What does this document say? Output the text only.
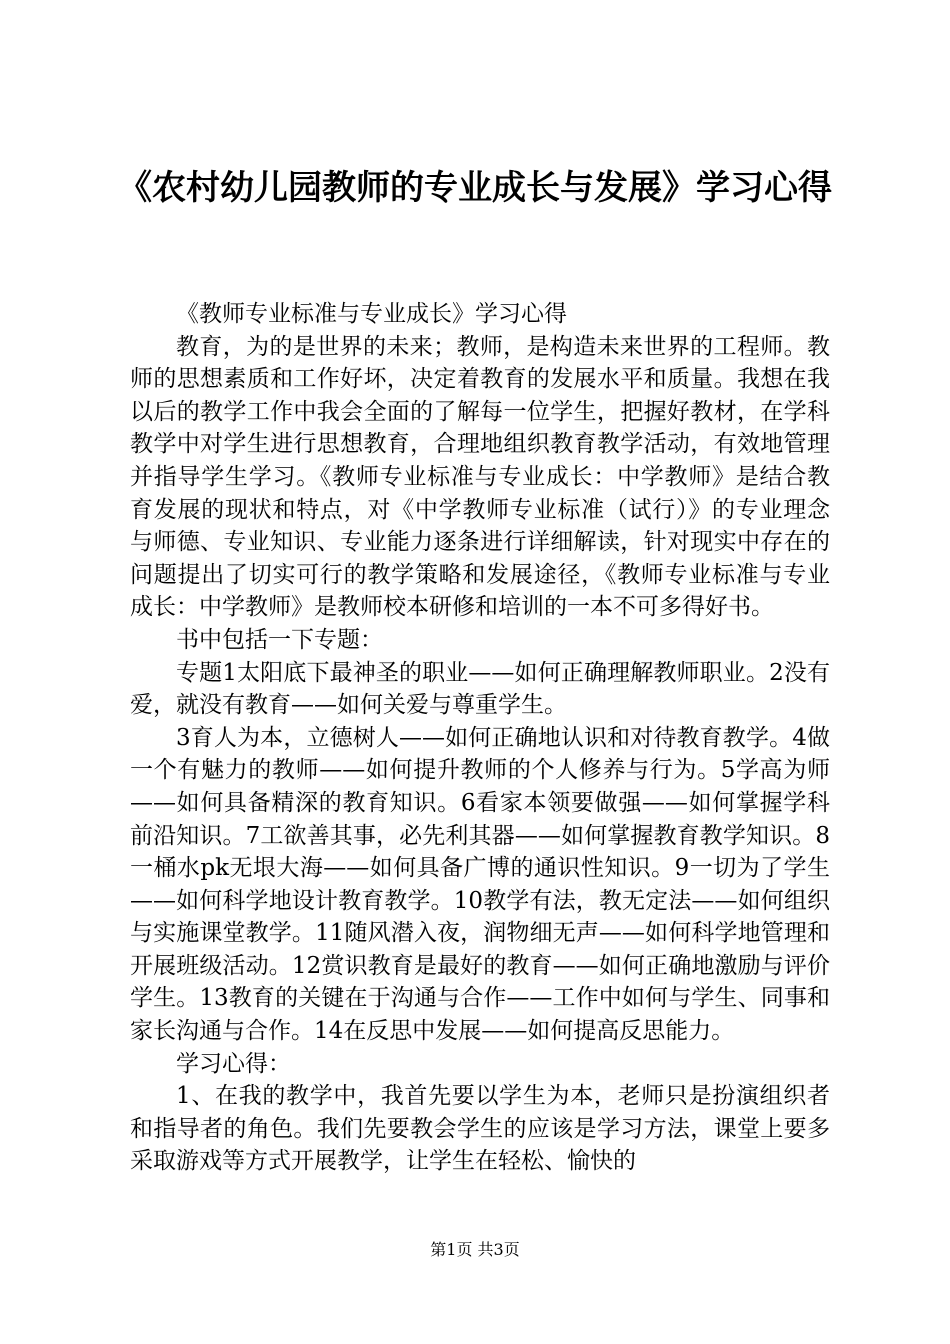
《农村幼儿园教师的专业成长与发展》学习心得

《教师专业标准与专业成长》学习心得

教育，为的是世界的未来；教师，是构造未来世界的工程师。教师的思想素质和工作好坏，决定着教育的发展水平和质量。我想在我以后的教学工作中我会全面的了解每一位学生，把握好教材，在学科教学中对学生进行思想教育，合理地组织教育教学活动，有效地管理并指导学生学习。《教师专业标准与专业成长：中学教师》是结合教育发展的现状和特点，对《中学教师专业标准（试行）》的专业理念与师德、专业知识、专业能力逐条进行详细解读，针对现实中存在的问题提出了切实可行的教学策略和发展途径，《教师专业标准与专业成长：中学教师》是教师校本研修和培训的一本不可多得好书。

书中包括一下专题：

专题1太阳底下最神圣的职业——如何正确理解教师职业。2没有爱，就没有教育——如何关爱与尊重学生。

3育人为本，立德树人——如何正确地认识和对待教育教学。4做一个有魅力的教师——如何提升教师的个人修养与行为。5学高为师——如何具备精深的教育知识。6看家本领要做强——如何掌握学科前沿知识。7工欲善其事，必先利其器——如何掌握教育教学知识。8一桶水pk无垠大海——如何具备广博的通识性知识。9一切为了学生——如何科学地设计教育教学。10教学有法，教无定法——如何组织与实施课堂教学。11随风潜入夜，润物细无声——如何科学地管理和开展班级活动。12赏识教育是最好的教育——如何正确地激励与评价学生。13教育的关键在于沟通与合作——工作中如何与学生、同事和家长沟通与合作。14在反思中发展——如何提高反思能力。

学习心得：

1、在我的教学中，我首先要以学生为本，老师只是扮演组织者和指导者的角色。我们先要教会学生的应该是学习方法，课堂上要多采取游戏等方式开展教学，让学生在轻松、愉快的

第1页 共3页
